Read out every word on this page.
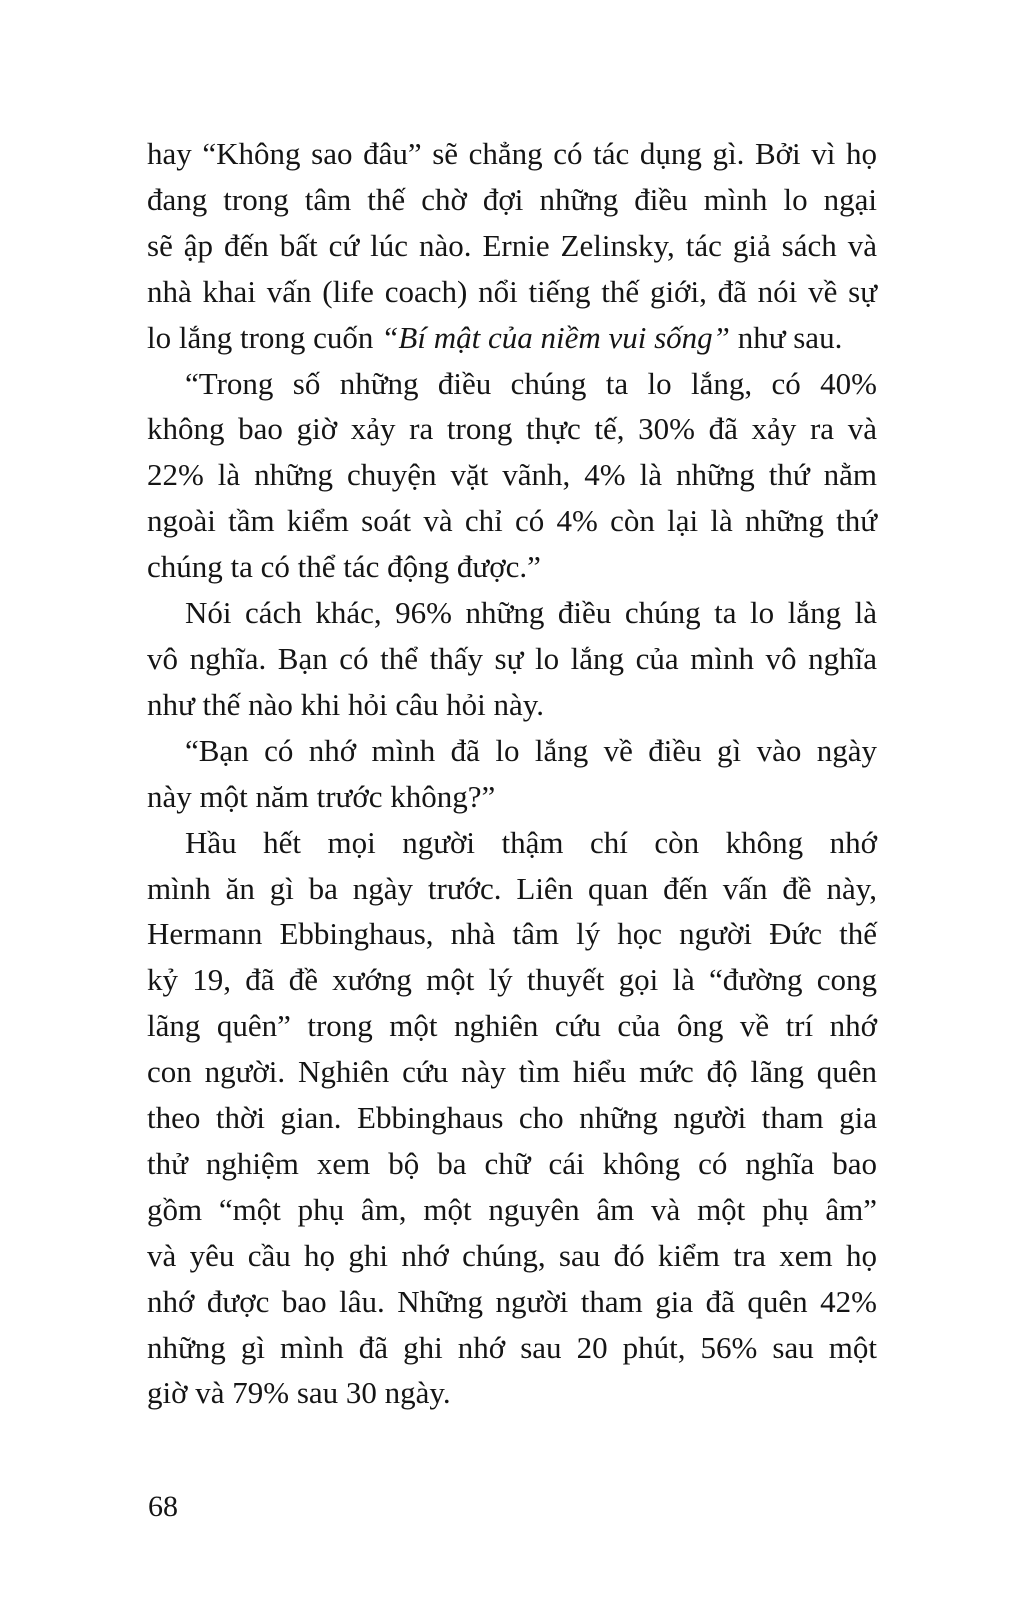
hay “Không sao đâu” sẽ chẳng có tác dụng gì. Bởi vì họ
đang trong tâm thế chờ đợi những điều mình lo ngại
sẽ ập đến bất cứ lúc nào. Ernie Zelinsky, tác giả sách và
nhà khai vấn (life coach) nổi tiếng thế giới, đã nói về sự
lo lắng trong cuốn “Bí mật của niềm vui sống” như sau.
“Trong số những điều chúng ta lo lắng, có 40%
không bao giờ xảy ra trong thực tế, 30% đã xảy ra và
22% là những chuyện vặt vãnh, 4% là những thứ nằm
ngoài tầm kiểm soát và chỉ có 4% còn lại là những thứ
chúng ta có thể tác động được.”
Nói cách khác, 96% những điều chúng ta lo lắng là
vô nghĩa. Bạn có thể thấy sự lo lắng của mình vô nghĩa
như thế nào khi hỏi câu hỏi này.
“Bạn có nhớ mình đã lo lắng về điều gì vào ngày
này một năm trước không?”
Hầu hết mọi người thậm chí còn không nhớ
mình ăn gì ba ngày trước. Liên quan đến vấn đề này,
Hermann Ebbinghaus, nhà tâm lý học người Đức thế
kỷ 19, đã đề xướng một lý thuyết gọi là “đường cong
lãng quên” trong một nghiên cứu của ông về trí nhớ
con người. Nghiên cứu này tìm hiểu mức độ lãng quên
theo thời gian. Ebbinghaus cho những người tham gia
thử nghiệm xem bộ ba chữ cái không có nghĩa bao
gồm “một phụ âm, một nguyên âm và một phụ âm”
và yêu cầu họ ghi nhớ chúng, sau đó kiểm tra xem họ
nhớ được bao lâu. Những người tham gia đã quên 42%
những gì mình đã ghi nhớ sau 20 phút, 56% sau một
giờ và 79% sau 30 ngày.
68
